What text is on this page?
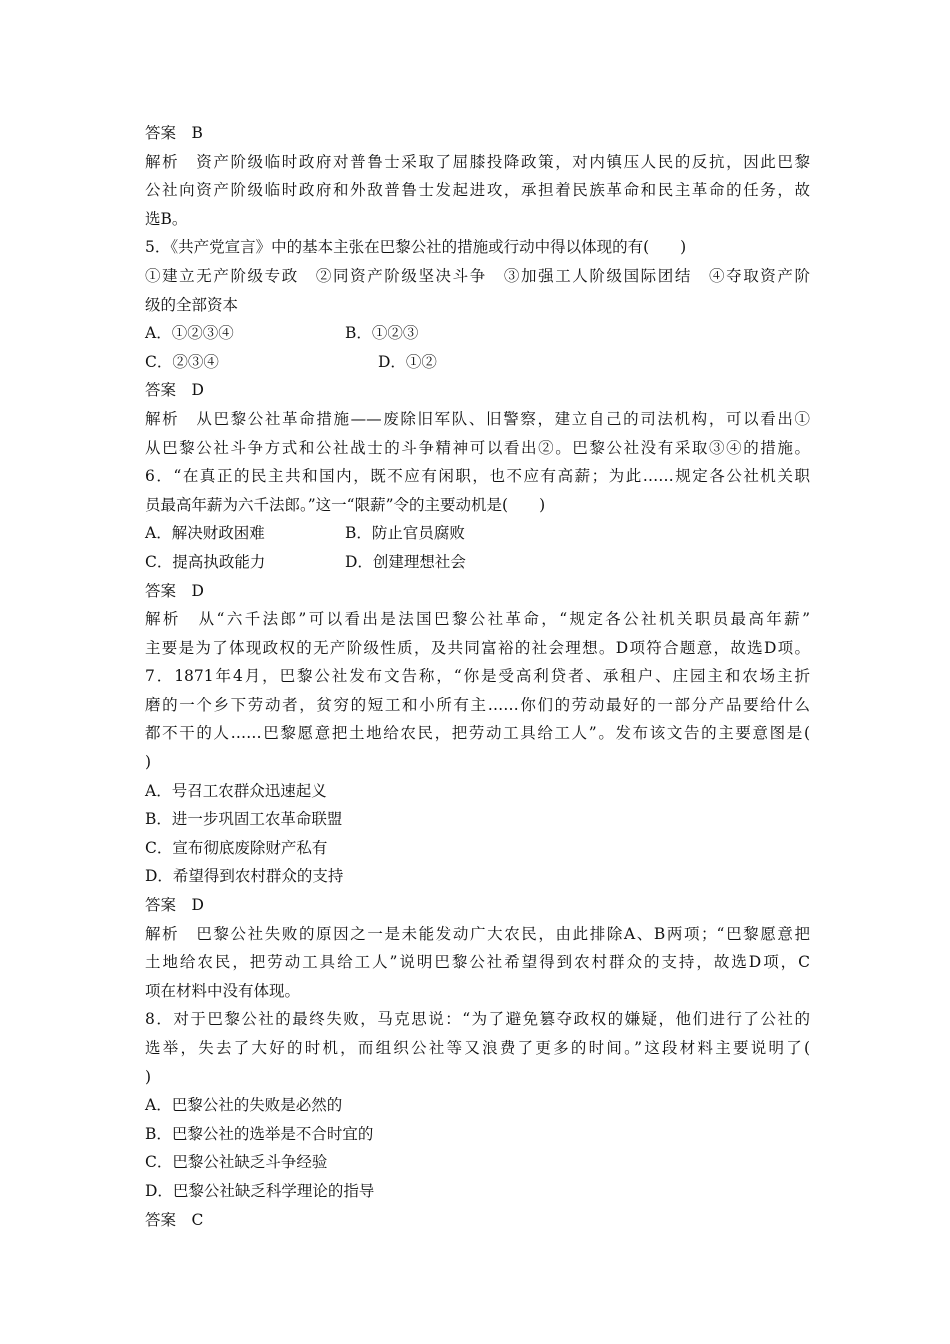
答案　B
解析　资产阶级临时政府对普鲁士采取了屈膝投降政策，对内镇压人民的反抗，因此巴黎
公社向资产阶级临时政府和外敌普鲁士发起进攻，承担着民族革命和民主革命的任务，故
选B。
5．《共产党宣言》中的基本主张在巴黎公社的措施或行动中得以体现的有(　　)
①建立无产阶级专政　②同资产阶级坚决斗争　③加强工人阶级国际团结　④夺取资产阶
级的全部资本
A．①②③④	B．①②③
C．②③④	D．①②
答案　D
解析　从巴黎公社革命措施——废除旧军队、旧警察，建立自己的司法机构，可以看出①
从巴黎公社斗争方式和公社战士的斗争精神可以看出②。巴黎公社没有采取③④的措施。
6．“在真正的民主共和国内，既不应有闲职，也不应有高薪；为此……规定各公社机关职
员最高年薪为六千法郎。”这一“限薪”令的主要动机是(　　)
A．解决财政困难	B．防止官员腐败
C．提高执政能力	D．创建理想社会
答案　D
解析　从“六千法郎”可以看出是法国巴黎公社革命，“规定各公社机关职员最高年薪”
主要是为了体现政权的无产阶级性质，及共同富裕的社会理想。D项符合题意，故选D项。
7．1871年4月，巴黎公社发布文告称，“你是受高利贷者、承租户、庄园主和农场主折
磨的一个乡下劳动者，贫穷的短工和小所有主……你们的劳动最好的一部分产品要给什么
都不干的人……巴黎愿意把土地给农民，把劳动工具给工人”。发布该文告的主要意图是(
)
A．号召工农群众迅速起义
B．进一步巩固工农革命联盟
C．宣布彻底废除财产私有
D．希望得到农村群众的支持
答案　D
解析　巴黎公社失败的原因之一是未能发动广大农民，由此排除A、B两项；“巴黎愿意把
土地给农民，把劳动工具给工人”说明巴黎公社希望得到农村群众的支持，故选D项，C
项在材料中没有体现。
8．对于巴黎公社的最终失败，马克思说：“为了避免篡夺政权的嫌疑，他们进行了公社的
选举，失去了大好的时机，而组织公社等又浪费了更多的时间。”这段材料主要说明了(
)
A．巴黎公社的失败是必然的
B．巴黎公社的选举是不合时宜的
C．巴黎公社缺乏斗争经验
D．巴黎公社缺乏科学理论的指导
答案　C
